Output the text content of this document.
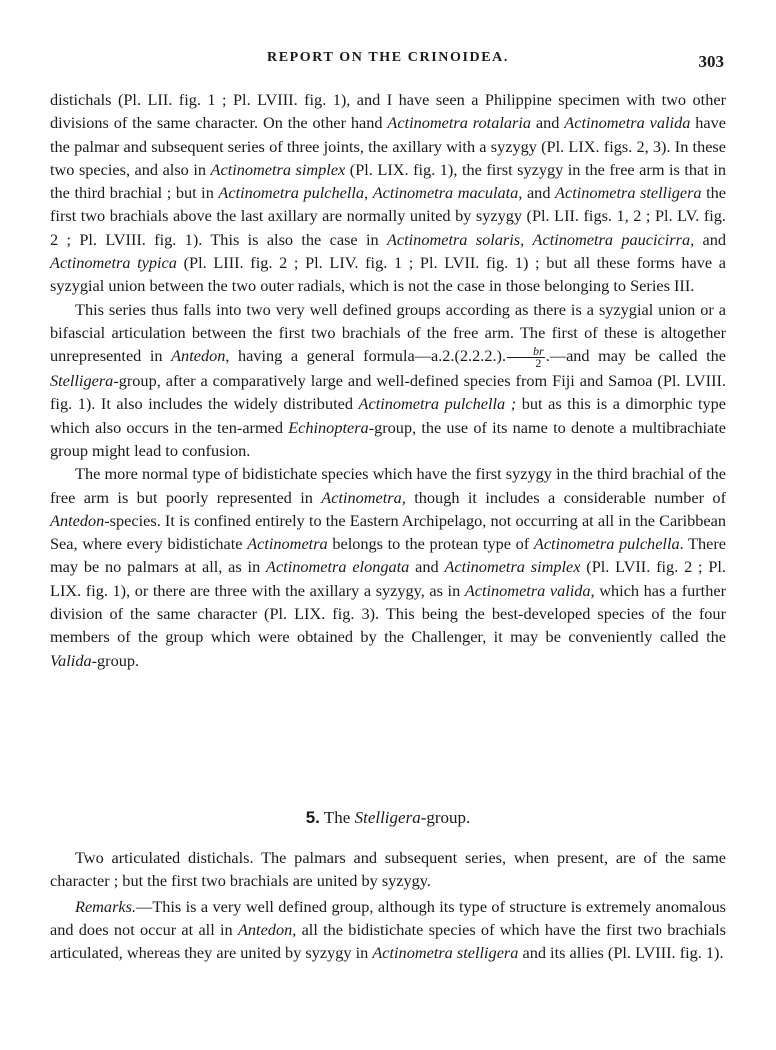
REPORT ON THE CRINOIDEA.	303

distichals (Pl. LII. fig. 1 ; Pl. LVIII. fig. 1), and I have seen a Philippine specimen with two other divisions of the same character. On the other hand Actinometra rotalaria and Actinometra valida have the palmar and subsequent series of three joints, the axillary with a syzygy (Pl. LIX. figs. 2, 3). In these two species, and also in Actinometra simplex (Pl. LIX. fig. 1), the first syzygy in the free arm is that in the third brachial ; but in Actinometra pulchella, Actinometra maculata, and Actinometra stelligera the first two brachials above the last axillary are normally united by syzygy (Pl. LII. figs. 1, 2 ; Pl. LV. fig. 2 ; Pl. LVIII. fig. 1). This is also the case in Actinometra solaris, Actinometra paucicirra, and Actinometra typica (Pl. LIII. fig. 2 ; Pl. LIV. fig. 1 ; Pl. LVII. fig. 1) ; but all these forms have a syzygial union between the two outer radials, which is not the case in those belonging to Series III.

This series thus falls into two very well defined groups according as there is a syzygial union or a bifascial articulation between the first two brachials of the free arm. The first of these is altogether unrepresented in Antedon, having a general formula—a.2.(2.2.2.). $\frac{br}{2}$ .—and may be called the Stelligera-group, after a comparatively large and well-defined species from Fiji and Samoa (Pl. LVIII. fig. 1). It also includes the widely distributed Actinometra pulchella ; but as this is a dimorphic type which also occurs in the ten-armed Echinoptera-group, the use of its name to denote a multibrachiate group might lead to confusion.

The more normal type of bidistichate species which have the first syzygy in the third brachial of the free arm is but poorly represented in Actinometra, though it includes a considerable number of Antedon-species. It is confined entirely to the Eastern Archipelago, not occurring at all in the Caribbean Sea, where every bidistichate Actinometra belongs to the protean type of Actinometra pulchella. There may be no palmars at all, as in Actinometra elongata and Actinometra simplex (Pl. LVII. fig. 2 ; Pl. LIX. fig. 1), or there are three with the axillary a syzygy, as in Actinometra valida, which has a further division of the same character (Pl. LIX. fig. 3). This being the best-developed species of the four members of the group which were obtained by the Challenger, it may be conveniently called the Valida-group.

5. The Stelligera-group.

Two articulated distichals. The palmars and subsequent series, when present, are of the same character ; but the first two brachials are united by syzygy.

Remarks.—This is a very well defined group, although its type of structure is extremely anomalous and does not occur at all in Antedon, all the bidistichate species of which have the first two brachials articulated, whereas they are united by syzygy in Actinometra stelligera and its allies (Pl. LVIII. fig. 1).
